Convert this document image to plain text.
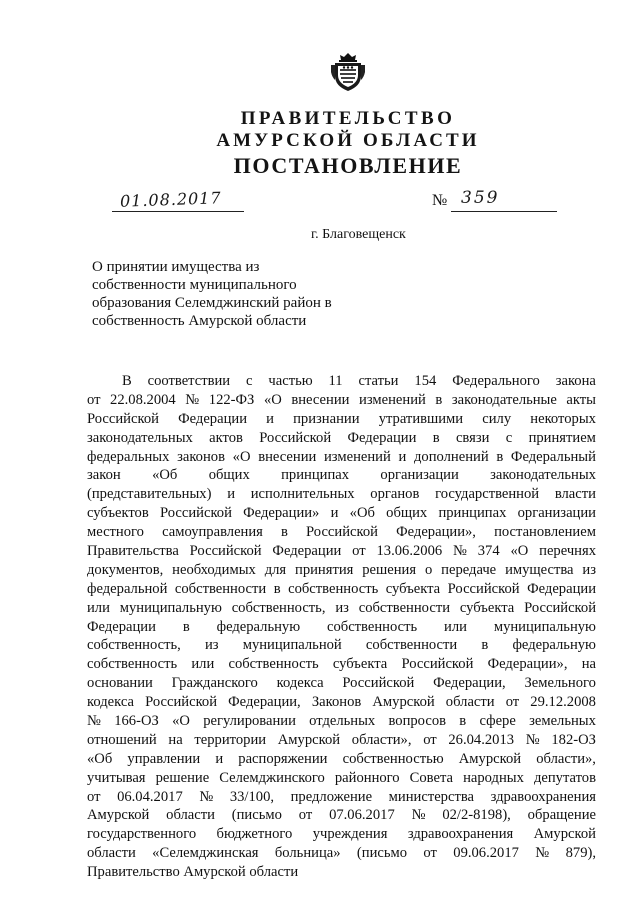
ПРАВИТЕЛЬСТВО
АМУРСКОЙ ОБЛАСТИ
ПОСТАНОВЛЕНИЕ
01.08.2017	№ 359
г. Благовещенск
О принятии имущества из
собственности муниципального
образования Селемджинский район в
собственность Амурской области
В соответствии с частью 11 статьи 154 Федерального закона
от 22.08.2004 № 122-ФЗ «О внесении изменений в законодательные акты
Российской Федерации и признании утратившими силу некоторых
законодательных актов Российской Федерации в связи с принятием
федеральных законов «О внесении изменений и дополнений в Федеральный
закон «Об общих принципах организации законодательных
(представительных) и исполнительных органов государственной власти
субъектов Российской Федерации» и «Об общих принципах организации
местного самоуправления в Российской Федерации», постановлением
Правительства Российской Федерации от 13.06.2006 № 374 «О перечнях
документов, необходимых для принятия решения о передаче имущества из
федеральной собственности в собственность субъекта Российской Федерации
или муниципальную собственность, из собственности субъекта Российской
Федерации в федеральную собственность или муниципальную
собственность, из муниципальной собственности в федеральную
собственность или собственность субъекта Российской Федерации», на
основании Гражданского кодекса Российской Федерации, Земельного
кодекса Российской Федерации, Законов Амурской области от 29.12.2008
№ 166-ОЗ «О регулировании отдельных вопросов в сфере земельных
отношений на территории Амурской области», от 26.04.2013 № 182-ОЗ
«Об управлении и распоряжении собственностью Амурской области»,
учитывая решение Селемджинского районного Совета народных депутатов
от 06.04.2017 № 33/100, предложение министерства здравоохранения
Амурской области (письмо от 07.06.2017 № 02/2-8198), обращение
государственного бюджетного учреждения здравоохранения Амурской
области «Селемджинская больница» (письмо от 09.06.2017 № 879),
Правительство Амурской области
